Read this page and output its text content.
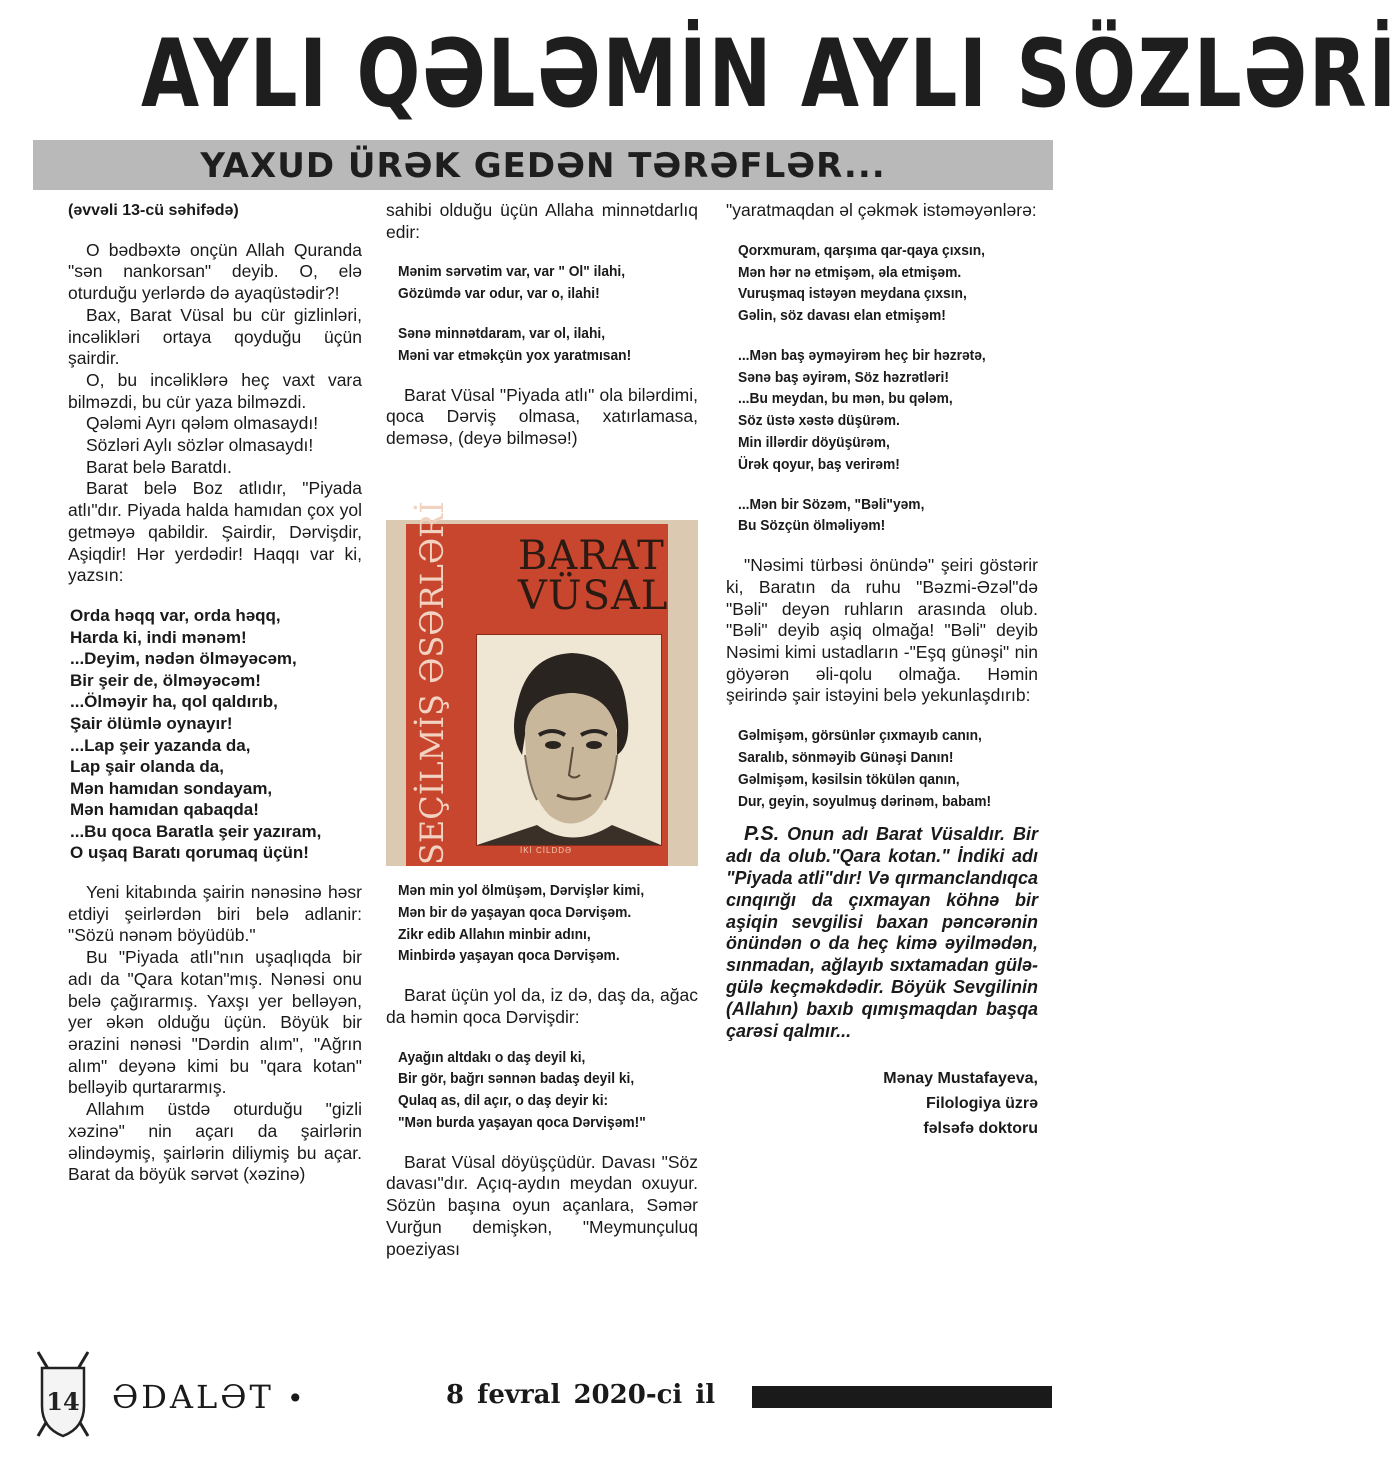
AYLI QƏLƏMİN AYLI SÖZLƏRİ
YAXUD ÜRƏK GEDƏN TƏRƏFLƏR...

(əvvəli 13-cü səhifədə)

O bədbəxtə onçün Allah Quranda "sən nankorsan" deyib. O, elə oturduğu yerlərdə də ayaqüstədir?!

Bax, Barat Vüsal bu cür gizlinləri, incəlikləri ortaya qoyduğu üçün şairdir.

O, bu incəliklərə heç vaxt vara bilməzdi, bu cür yaza bilməzdi.

Qələmi Ayrı qələm olmasaydı!

Sözləri Aylı sözlər olmasaydı!

Barat belə Baratdı.

Barat belə Boz atlıdır, "Piyada atlı"dır. Piyada halda hamıdan çox yol getməyə qabildir. Şairdir, Dərvişdir, Aşiqdir! Hər yerdədir! Haqqı var ki, yazsın:

Orda həqq var, orda həqq,
Harda ki, indi mənəm!
...Deyim, nədən ölməyəcəm,
Bir şeir de, ölməyəcəm!
...Ölməyir ha, qol qaldırıb,
Şair ölümlə oynayır!
...Lap şeir yazanda da,
Lap şair olanda da,
Mən hamıdan sondayam,
Mən hamıdan qabaqda!
...Bu qoca Baratla şeir yazıram,
O uşaq Baratı qorumaq üçün!

Yeni kitabında şairin nənəsinə həsr etdiyi şeirlərdən biri belə adlanir: "Sözü nənəm böyüdüb."

Bu "Piyada atlı"nın uşaqlıqda bir adı da "Qara kotan"mış. Nənəsi onu belə çağırarmış. Yaxşı yer belləyən, yer əkən olduğu üçün. Böyük bir ərazini nənəsi "Dərdin alım", "Ağrın alım" deyənə kimi bu "qara kotan" belləyib qurtararmış.

Allahım üstdə oturduğu "gizli xəzinə" nin açarı da şairlərin əlindəymiş, şairlərin diliymiş bu açar. Barat da böyük sərvət (xəzinə)

sahibi olduğu üçün Allaha minnətdarlıq edir:

Mənim sərvətim var, var " Ol" ilahi,
Gözümdə var odur, var o, ilahi!
Sənə minnətdaram, var ol, ilahi,
Məni var etməkçün yox yaratmısan!

Barat Vüsal "Piyada atlı" ola bilərdimi, qoca Dərviş olmasa, xatırlamasa, deməsə, (deyə bilməsə!)

BARAT VÜSAL
SEÇİLMİŞ ƏSƏRLƏRİ	İKİ CİLDDƏ
Mən min yol ölmüşəm, Dərvişlər kimi,
Mən bir də yaşayan qoca Dərvişəm.
Zikr edib Allahın minbir adını,
Minbirdə yaşayan qoca Dərvişəm.

Barat üçün yol da, iz də, daş da, ağac da həmin qoca Dərvişdir:

Ayağın altdakı o daş deyil ki,
Bir gör, bağrı sənnən badaş deyil ki,
Qulaq as, dil açır, o daş deyir ki:
"Mən burda yaşayan qoca Dərvişəm!"

Barat Vüsal döyüşçüdür. Davası "Söz davası"dır. Açıq-aydın meydan oxuyur. Sözün başına oyun açanlara, Səmər Vurğun demişkən, "Meymunçuluq poeziyası

"yaratmaqdan əl çəkmək istəməyənlərə:

Qorxmuram, qarşıma qar-qaya çıxsın,
Mən hər nə etmişəm, əla etmişəm.
Vuruşmaq istəyən meydana çıxsın,
Gəlin, söz davası elan etmişəm!
...Mən baş əyməyirəm heç bir həzrətə,
Sənə baş əyirəm, Söz həzrətləri!
...Bu meydan, bu mən, bu qələm,
Söz üstə xəstə düşürəm.
Min illərdir döyüşürəm,
Ürək qoyur, baş verirəm!
...Mən bir Sözəm, "Bəli"yəm,
Bu Sözçün ölməliyəm!

"Nəsimi türbəsi önündə" şeiri göstərir ki, Baratın da ruhu "Bəzmi-Əzəl"də "Bəli" deyən ruhların arasında olub. "Bəli" deyib aşiq olmağa! "Bəli" deyib Nəsimi kimi ustadların -"Eşq günəşi" nin göyərən əli-qolu olmağa. Həmin şeirində şair istəyini belə yekunlaşdırıb:

Gəlmişəm, görsünlər çıxmayıb canın,
Saralıb, sönməyib Günəşi Danın!
Gəlmişəm, kəsilsin tökülən qanın,
Dur, geyin, soyulmuş dərinəm, babam!

P.S. Onun adı Barat Vüsaldır. Bir adı da olub."Qara kotan." İndiki adı "Piyada atli"dır! Və qırmanclandıqca cınqırığı da çıxmayan köhnə bir aşiqin sevgilisi baxan pəncərənin önündən o da heç kimə əyilmədən, sınmadan, ağlayıb sıxtamadan gülə-gülə keçməkdədir. Böyük Sevgilinin (Allahın) baxıb qımışmaqdan başqa çarəsi qalmır...

Mənay Mustafayeva,
Filologiya üzrə
fəlsəfə doktoru
14 ƏDALƏT •	8 fevral 2020-ci il
